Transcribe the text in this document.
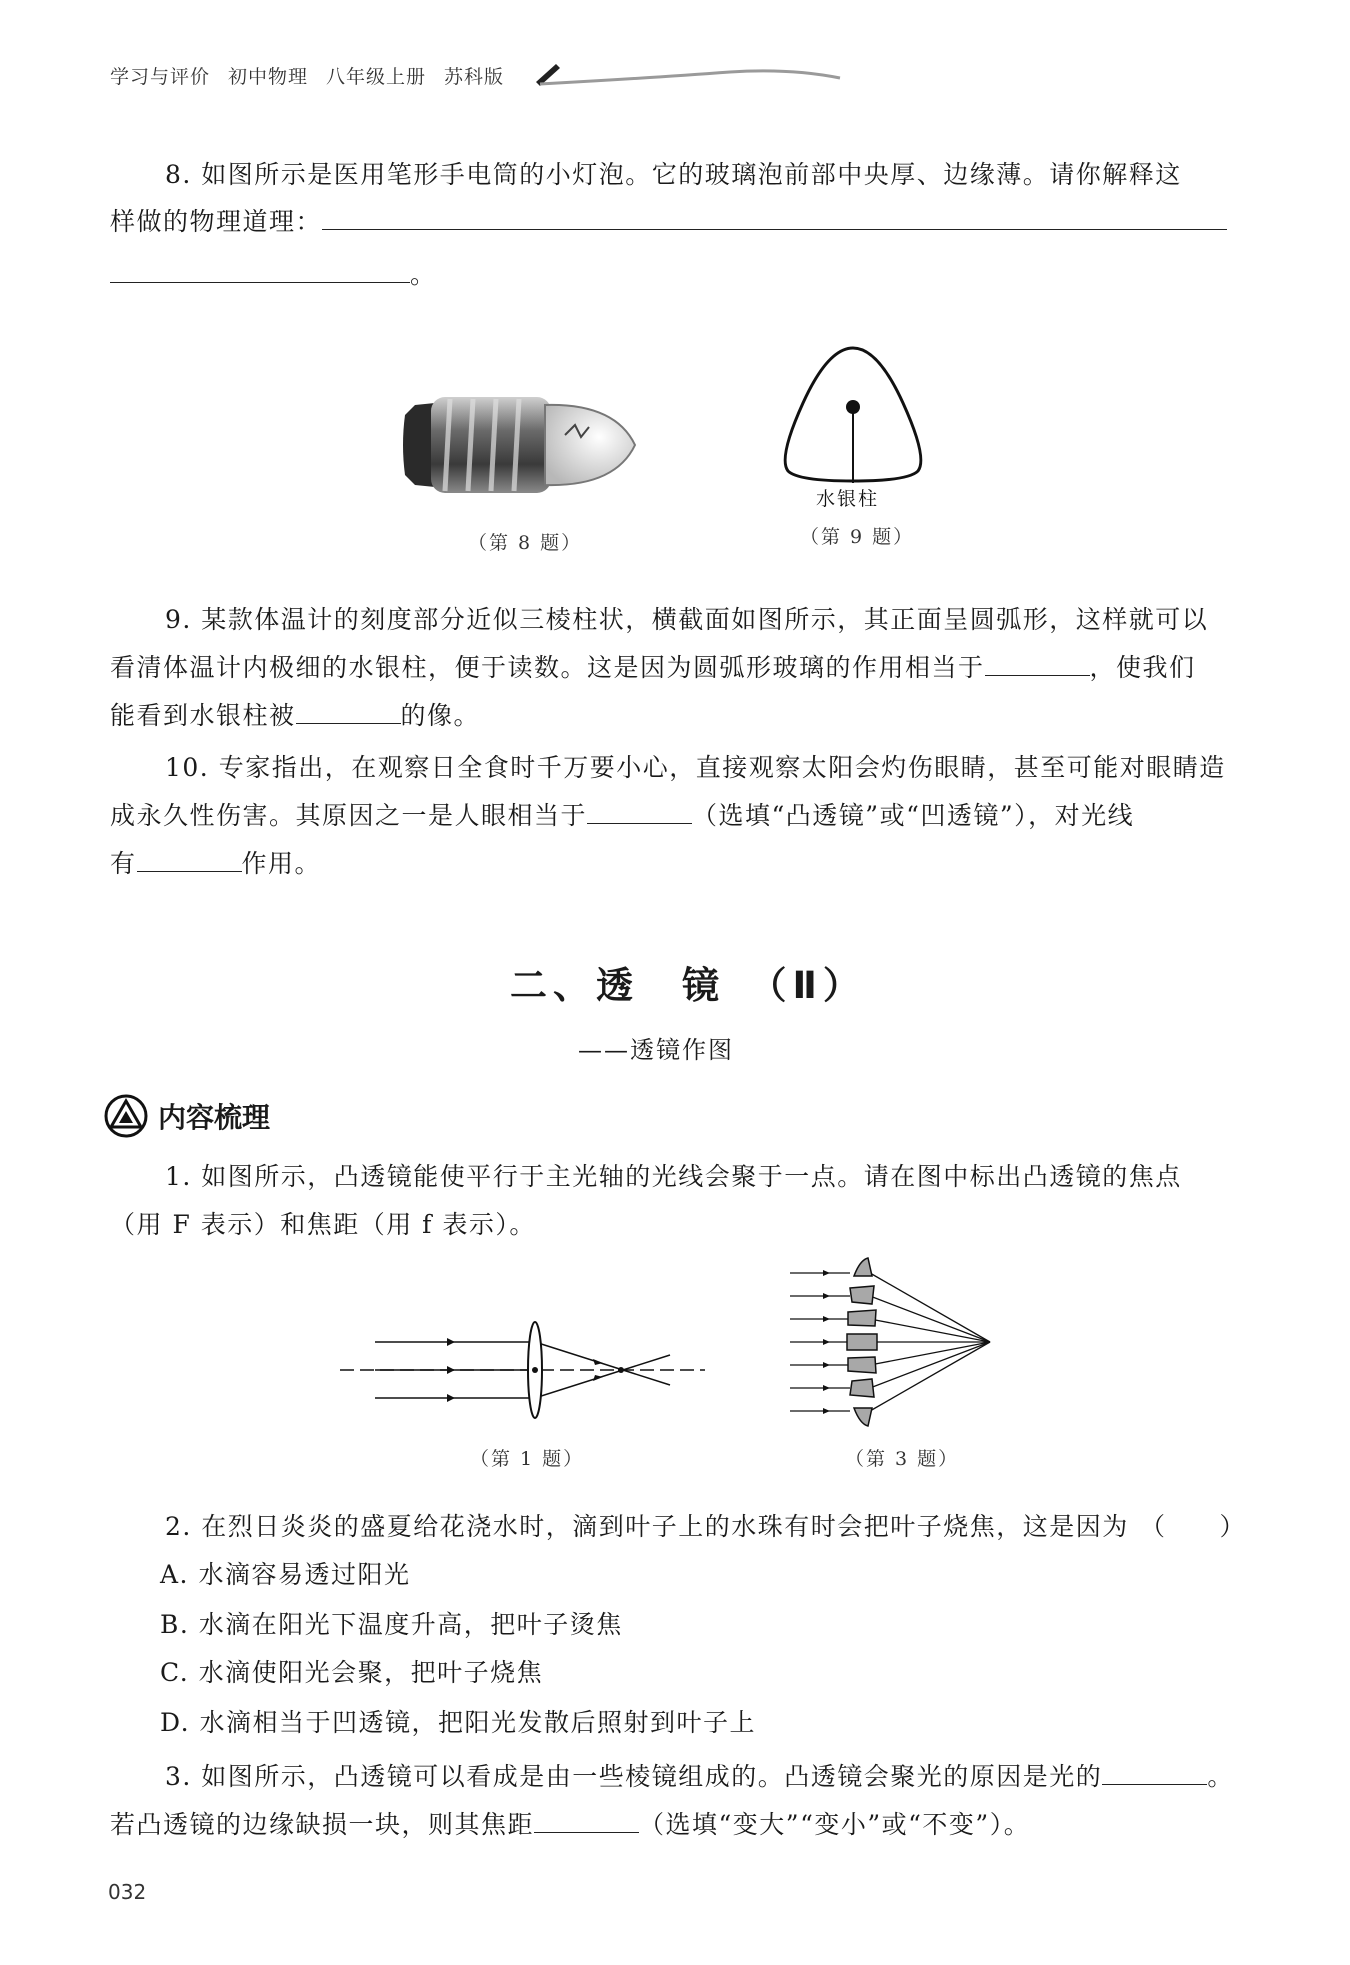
学习与评价 初中物理 八年级上册 苏科版
8. 如图所示是医用笔形手电筒的小灯泡。它的玻璃泡前部中央厚、边缘薄。请你解释这
样做的物理道理：
。
（第 8 题）
水银柱
（第 9 题）
9. 某款体温计的刻度部分近似三棱柱状，横截面如图所示，其正面呈圆弧形，这样就可以
看清体温计内极细的水银柱，便于读数。这是因为圆弧形玻璃的作用相当于	，使我们
能看到水银柱被	的像。
10. 专家指出，在观察日全食时千万要小心，直接观察太阳会灼伤眼睛，甚至可能对眼睛造
成永久性伤害。其原因之一是人眼相当于	（选填“凸透镜”或“凹透镜”），对光线
有	作用。
二、透　镜　（Ⅱ）
——透镜作图
内容梳理
1. 如图所示，凸透镜能使平行于主光轴的光线会聚于一点。请在图中标出凸透镜的焦点
（用 F 表示）和焦距（用 f 表示）。
（第 1 题）	（第 3 题）
2. 在烈日炎炎的盛夏给花浇水时，滴到叶子上的水珠有时会把叶子烧焦，这是因为 （　　）
A. 水滴容易透过阳光
B. 水滴在阳光下温度升高，把叶子烫焦
C. 水滴使阳光会聚，把叶子烧焦
D. 水滴相当于凹透镜，把阳光发散后照射到叶子上
3. 如图所示，凸透镜可以看成是由一些棱镜组成的。凸透镜会聚光的原因是光的	。
若凸透镜的边缘缺损一块，则其焦距	（选填“变大”“变小”或“不变”）。
032
